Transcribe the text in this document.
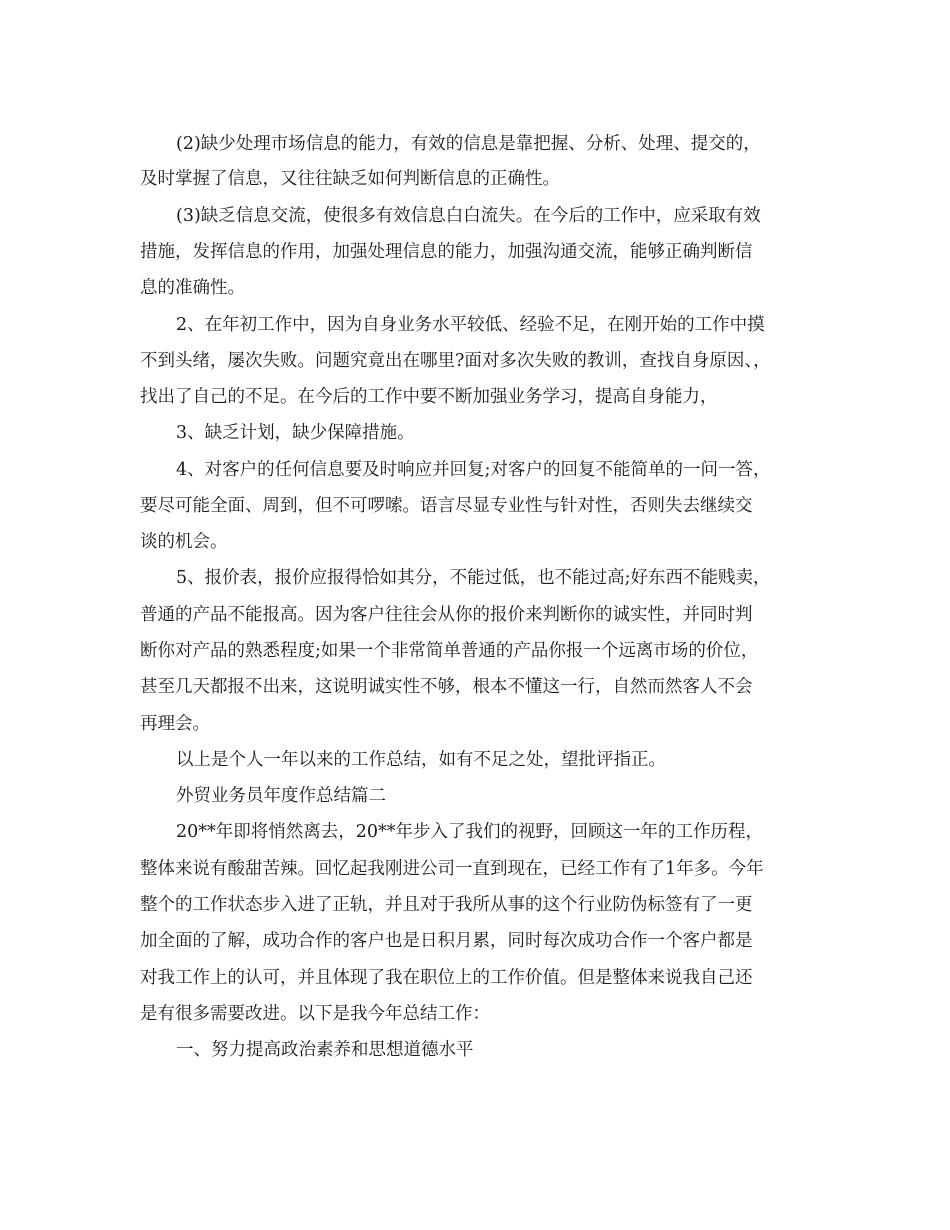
(2)缺少处理市场信息的能力，有效的信息是靠把握、分析、处理、提交的，
及时掌握了信息，又往往缺乏如何判断信息的正确性。
(3)缺乏信息交流，使很多有效信息白白流失。在今后的工作中，应采取有效
措施，发挥信息的作用，加强处理信息的能力，加强沟通交流，能够正确判断信
息的准确性。
2、在年初工作中，因为自身业务水平较低、经验不足，在刚开始的工作中摸
不到头绪，屡次失败。问题究竟出在哪里?面对多次失败的教训，查找自身原因、，
找出了自己的不足。在今后的工作中要不断加强业务学习，提高自身能力，
3、缺乏计划，缺少保障措施。
4、对客户的任何信息要及时响应并回复;对客户的回复不能简单的一问一答，
要尽可能全面、周到，但不可啰嗦。语言尽显专业性与针对性，否则失去继续交
谈的机会。
5、报价表，报价应报得恰如其分，不能过低，也不能过高;好东西不能贱卖，
普通的产品不能报高。因为客户往往会从你的报价来判断你的诚实性，并同时判
断你对产品的熟悉程度;如果一个非常简单普通的产品你报一个远离市场的价位，
甚至几天都报不出来，这说明诚实性不够，根本不懂这一行，自然而然客人不会
再理会。
以上是个人一年以来的工作总结，如有不足之处，望批评指正。
外贸业务员年度作总结篇二
20**年即将悄然离去，20**年步入了我们的视野，回顾这一年的工作历程，
整体来说有酸甜苦辣。回忆起我刚进公司一直到现在，已经工作有了1年多。今年
整个的工作状态步入进了正轨，并且对于我所从事的这个行业防伪标签有了一更
加全面的了解，成功合作的客户也是日积月累，同时每次成功合作一个客户都是
对我工作上的认可，并且体现了我在职位上的工作价值。但是整体来说我自己还
是有很多需要改进。以下是我今年总结工作：
一、努力提高政治素养和思想道德水平
